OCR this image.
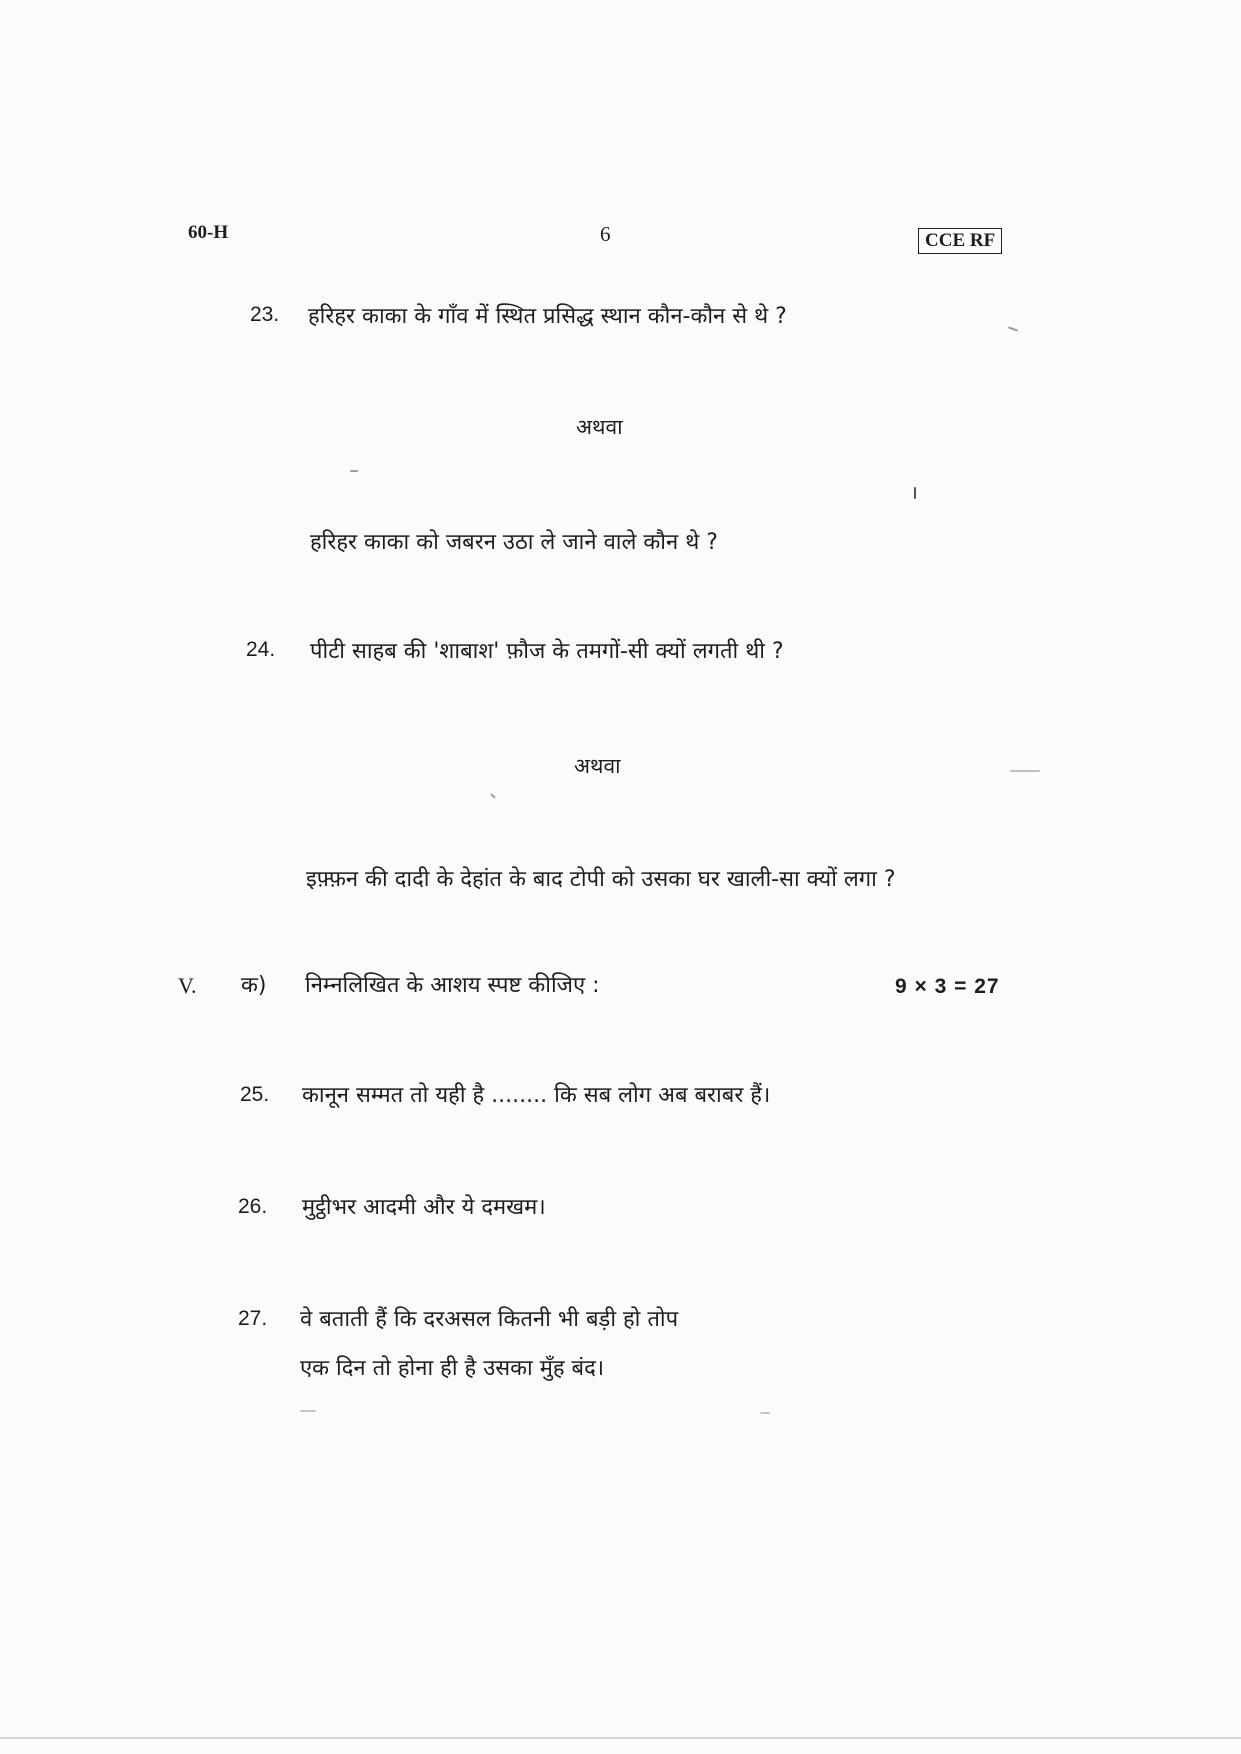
60-H	6	CCE RF
23. हरिहर काका के गाँव में स्थित प्रसिद्ध स्थान कौन-कौन से थे ?
अथवा
हरिहर काका को जबरन उठा ले जाने वाले कौन थे ?
24. पीटी साहब की 'शाबाश' फ़ौज के तमगों-सी क्यों लगती थी ?
अथवा
इफ़्फ़न की दादी के देहांत के बाद टोपी को उसका घर खाली-सा क्यों लगा ?
V. क) निम्नलिखित के आशय स्पष्ट कीजिए :	9 × 3 = 27
25. कानून सम्मत तो यही है ........ कि सब लोग अब बराबर हैं।
26. मुट्ठीभर आदमी और ये दमखम।
27. वे बताती हैं कि दरअसल कितनी भी बड़ी हो तोप
एक दिन तो होना ही है उसका मुँह बंद।
